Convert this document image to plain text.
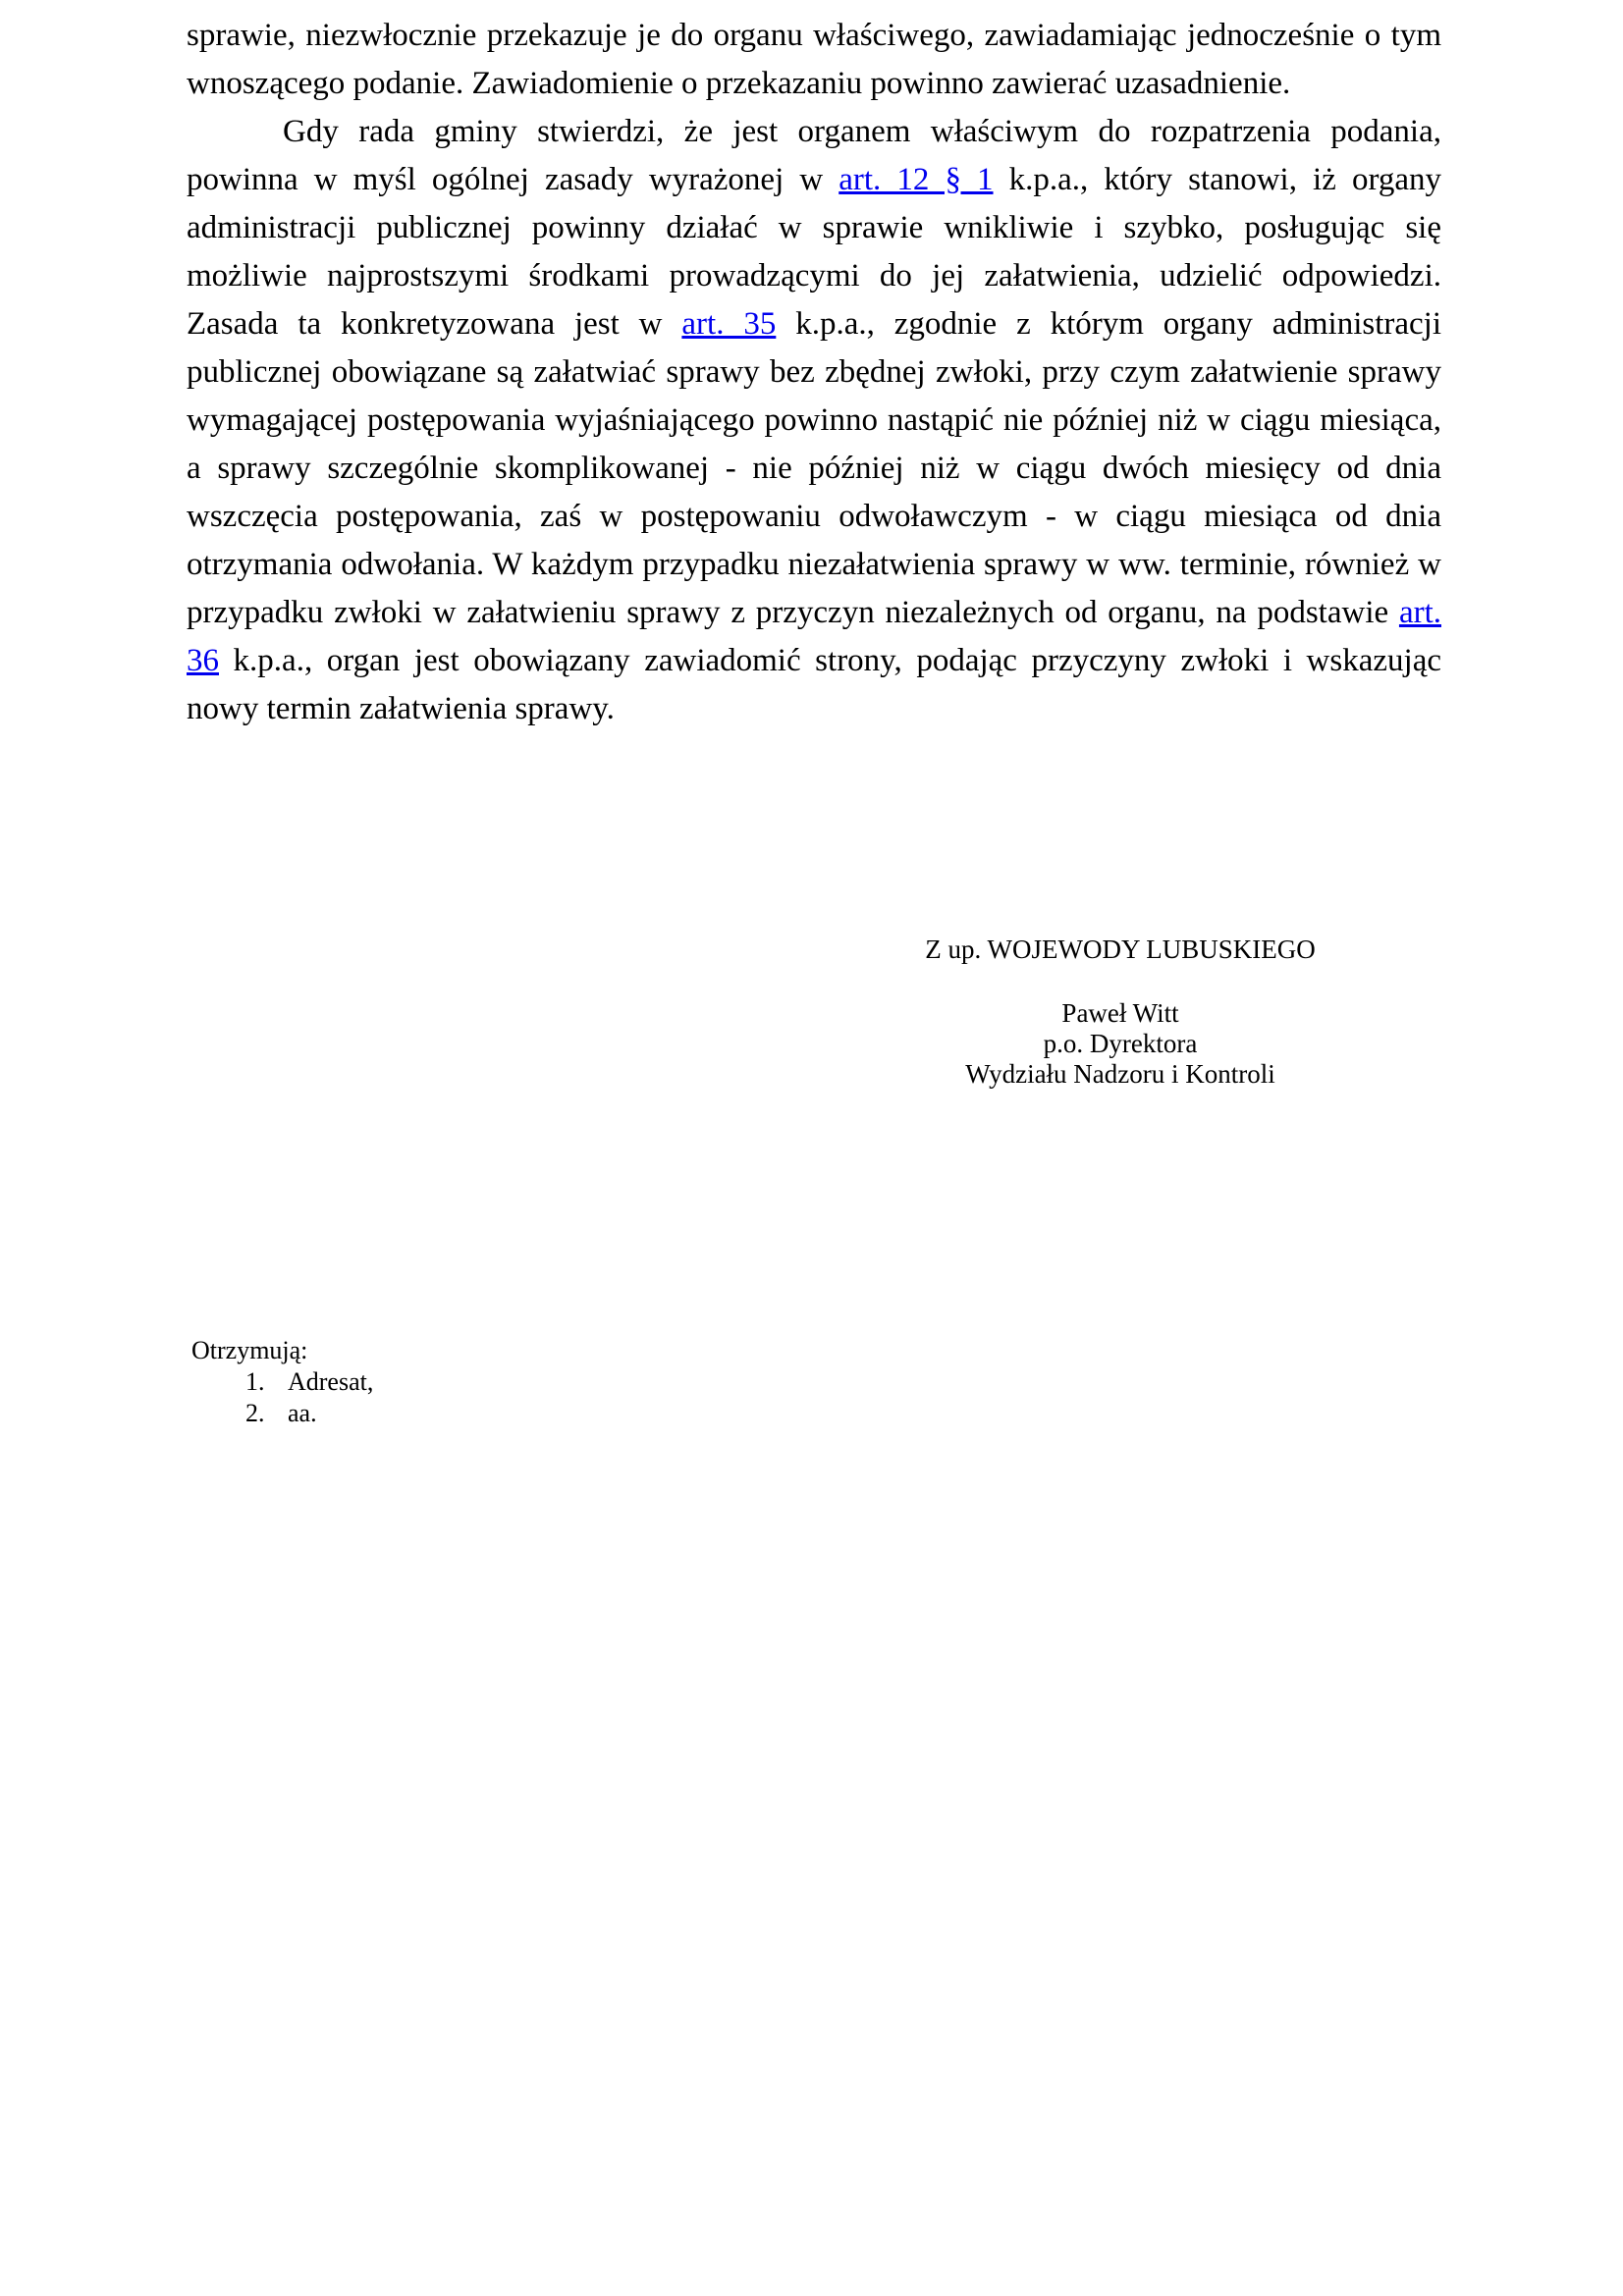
sprawie, niezwłocznie przekazuje je do organu właściwego, zawiadamiając jednocześnie o tym wnoszącego podanie. Zawiadomienie o przekazaniu powinno zawierać uzasadnienie.

Gdy rada gminy stwierdzi, że jest organem właściwym do rozpatrzenia podania, powinna w myśl ogólnej zasady wyrażonej w art. 12 § 1 k.p.a., który stanowi, iż organy administracji publicznej powinny działać w sprawie wnikliwie i szybko, posługując się możliwie najprostszymi środkami prowadzącymi do jej załatwienia, udzielić odpowiedzi. Zasada ta konkretyzowana jest w art. 35 k.p.a., zgodnie z którym organy administracji publicznej obowiązane są załatwiać sprawy bez zbędnej zwłoki, przy czym załatwienie sprawy wymagającej postępowania wyjaśniającego powinno nastąpić nie później niż w ciągu miesiąca, a sprawy szczególnie skomplikowanej - nie później niż w ciągu dwóch miesięcy od dnia wszczęcia postępowania, zaś w postępowaniu odwoławczym - w ciągu miesiąca od dnia otrzymania odwołania. W każdym przypadku niezałatwienia sprawy w ww. terminie, również w przypadku zwłoki w załatwieniu sprawy z przyczyn niezależnych od organu, na podstawie art. 36 k.p.a., organ jest obowiązany zawiadomić strony, podając przyczyny zwłoki i wskazując nowy termin załatwienia sprawy.

Z up. WOJEWODY LUBUSKIEGO

Paweł Witt
p.o. Dyrektora
Wydziału Nadzoru i Kontroli

Otrzymują:

1. Adresat,
2. aa.
